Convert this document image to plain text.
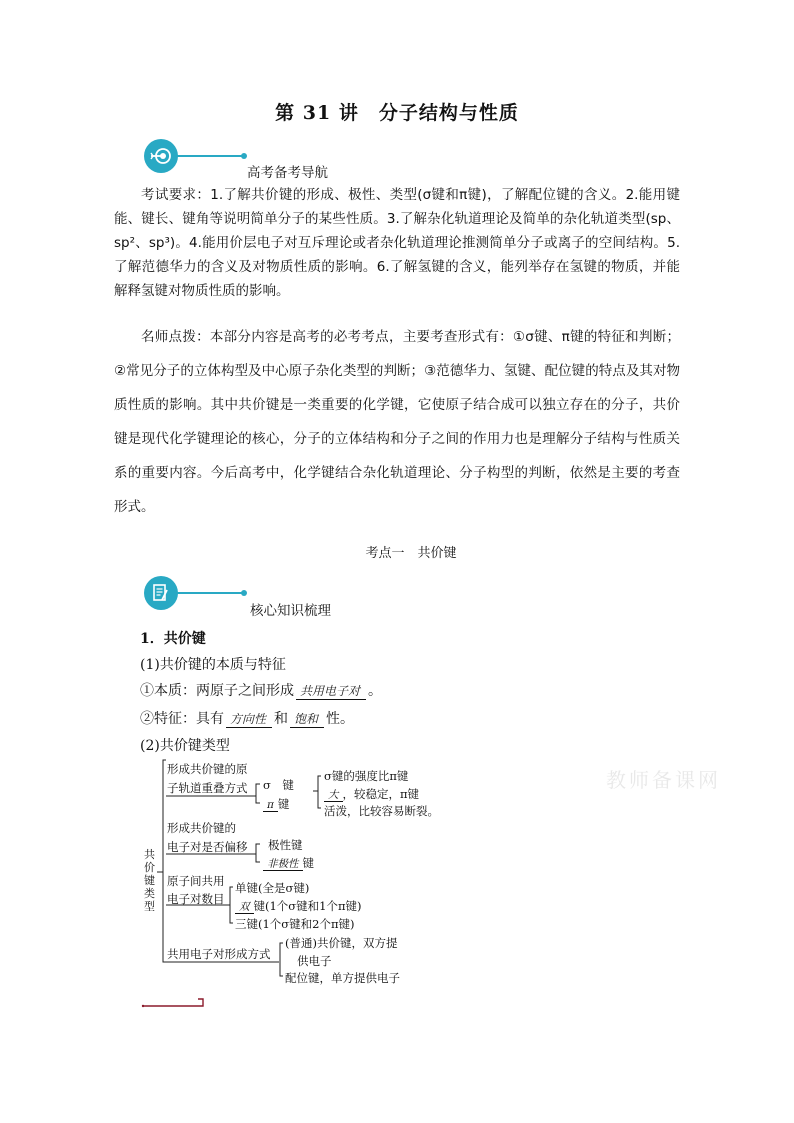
第 31 讲　分子结构与性质
高考备考导航
考试要求：1.了解共价键的形成、极性、类型(σ键和π键)，了解配位键的含义。2.能用键能、键长、键角等说明简单分子的某些性质。3.了解杂化轨道理论及简单的杂化轨道类型(sp、sp²、sp³)。4.能用价层电子对互斥理论或者杂化轨道理论推测简单分子或离子的空间结构。5.了解范德华力的含义及对物质性质的影响。6.了解氢键的含义，能列举存在氢键的物质，并能解释氢键对物质性质的影响。
名师点拨：本部分内容是高考的必考考点，主要考查形式有：①σ键、π键的特征和判断；②常见分子的立体构型及中心原子杂化类型的判断；③范德华力、氢键、配位键的特点及其对物质性质的影响。其中共价键是一类重要的化学键，它使原子结合成可以独立存在的分子，共价键是现代化学键理论的核心，分子的立体结构和分子之间的作用力也是理解分子结构与性质关系的重要内容。今后高考中，化学键结合杂化轨道理论、分子构型的判断，依然是主要的考查形式。
考点一　共价键
核心知识梳理
1．共价键
(1)共价键的本质与特征
①本质：两原子之间形成 共用电子对 。
②特征：具有 方向性 和 饱和 性。
(2)共价键类型
教师备课网
共价键类型
形成共价键的原
子轨道重叠方式 σ　键
π 键
σ键的强度比π键
大 ，较稳定，π键
活泼，比较容易断裂。
形成共价键的
电子对是否偏移 极性键
非极性 键
原子间共用
电子对数目
单键(全是σ键)
双 键(1个σ键和1个π键)
三键(1个σ键和2个π键)
共用电子对形成方式
(普通)共价键，双方提
供电子
配位键，单方提供电子
